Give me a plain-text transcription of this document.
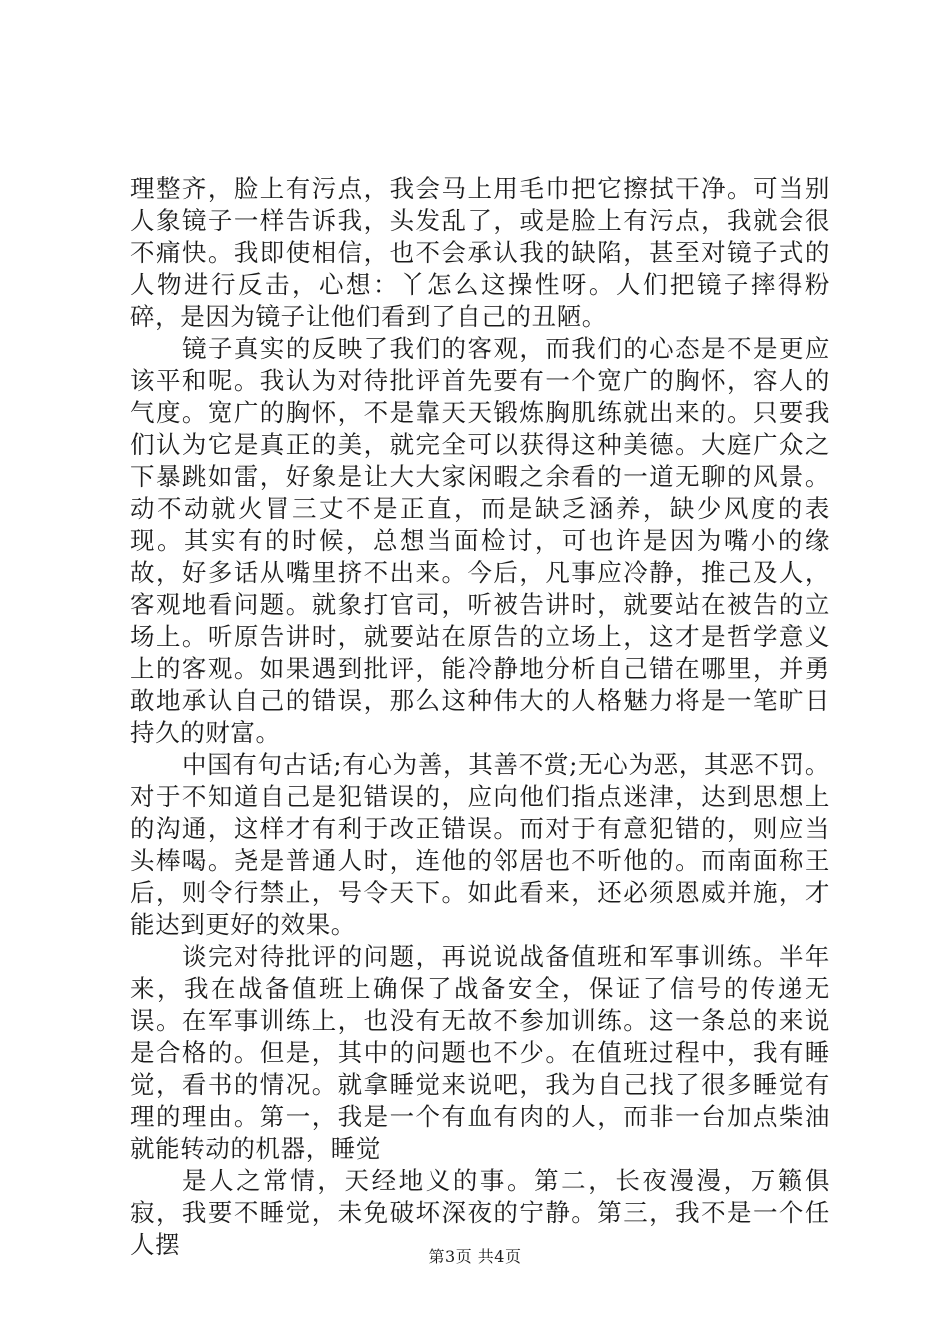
理整齐，脸上有污点，我会马上用毛巾把它擦拭干净。可当别人象镜子一样告诉我，头发乱了，或是脸上有污点，我就会很不痛快。我即使相信，也不会承认我的缺陷，甚至对镜子式的人物进行反击，心想：丫怎么这操性呀。人们把镜子摔得粉碎，是因为镜子让他们看到了自己的丑陋。

镜子真实的反映了我们的客观，而我们的心态是不是更应该平和呢。我认为对待批评首先要有一个宽广的胸怀，容人的气度。宽广的胸怀，不是靠天天锻炼胸肌练就出来的。只要我们认为它是真正的美，就完全可以获得这种美德。大庭广众之下暴跳如雷，好象是让大大家闲暇之余看的一道无聊的风景。动不动就火冒三丈不是正直，而是缺乏涵养，缺少风度的表现。其实有的时候，总想当面检讨，可也许是因为嘴小的缘故，好多话从嘴里挤不出来。今后，凡事应冷静，推己及人，客观地看问题。就象打官司，听被告讲时，就要站在被告的立场上。听原告讲时，就要站在原告的立场上，这才是哲学意义上的客观。如果遇到批评，能冷静地分析自己错在哪里，并勇敢地承认自己的错误，那么这种伟大的人格魅力将是一笔旷日持久的财富。

中国有句古话;有心为善，其善不赏;无心为恶，其恶不罚。对于不知道自己是犯错误的，应向他们指点迷津，达到思想上的沟通，这样才有利于改正错误。而对于有意犯错的，则应当头棒喝。尧是普通人时，连他的邻居也不听他的。而南面称王后，则令行禁止，号令天下。如此看来，还必须恩威并施，才能达到更好的效果。

谈完对待批评的问题，再说说战备值班和军事训练。半年来，我在战备值班上确保了战备安全，保证了信号的传递无误。在军事训练上，也没有无故不参加训练。这一条总的来说是合格的。但是，其中的问题也不少。在值班过程中，我有睡觉，看书的情况。就拿睡觉来说吧，我为自己找了很多睡觉有理的理由。第一，我是一个有血有肉的人，而非一台加点柴油就能转动的机器，睡觉

是人之常情，天经地义的事。第二，长夜漫漫，万籁俱寂，我要不睡觉，未免破坏深夜的宁静。第三，我不是一个任人摆	第3页 共4页
